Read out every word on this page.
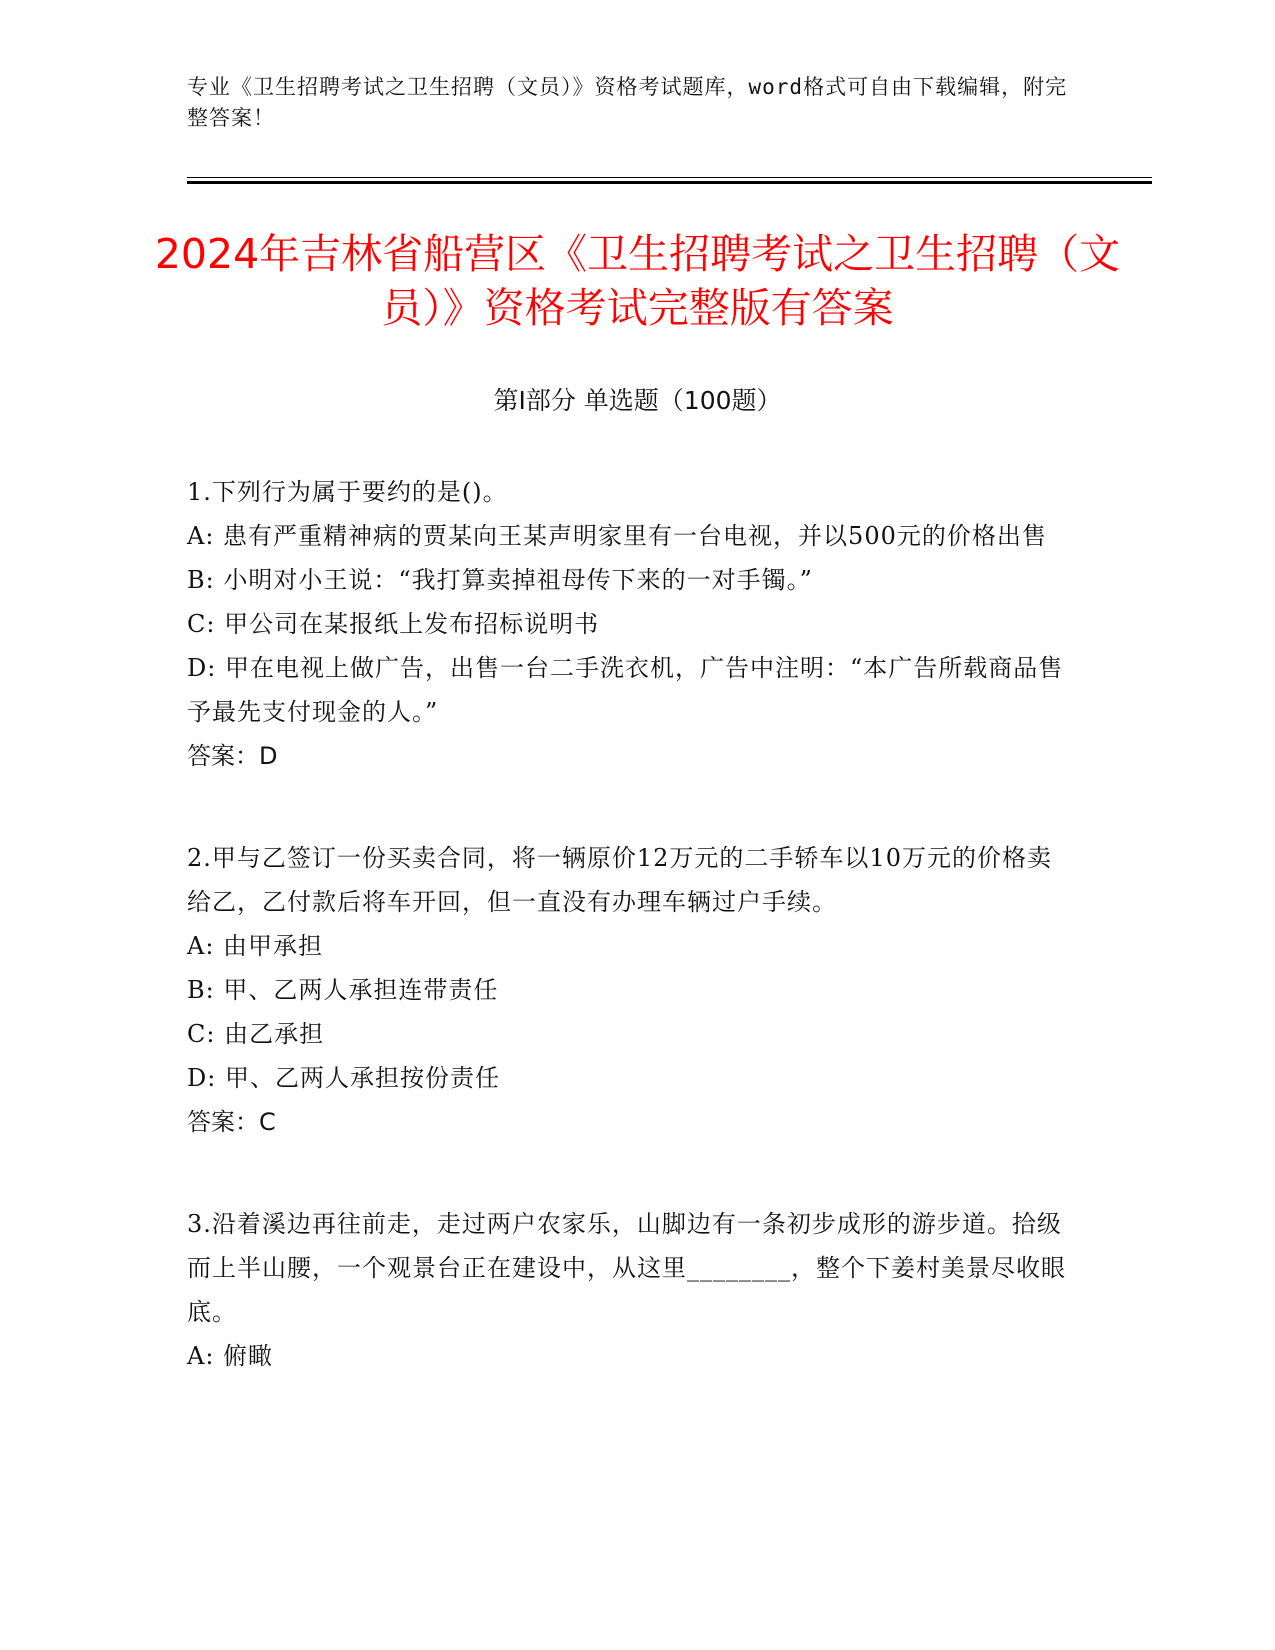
专业《卫生招聘考试之卫生招聘（文员）》资格考试题库，word格式可自由下载编辑，附完整答案！
2024年吉林省船营区《卫生招聘考试之卫生招聘（文员）》资格考试完整版有答案
第I部分 单选题（100题）

1.下列行为属于要约的是()。

A: 患有严重精神病的贾某向王某声明家里有一台电视，并以500元的价格出售

B: 小明对小王说：“我打算卖掉祖母传下来的一对手镯。”

C: 甲公司在某报纸上发布招标说明书

D: 甲在电视上做广告，出售一台二手洗衣机，广告中注明：“本广告所载商品售予最先支付现金的人。”

答案：D

2.甲与乙签订一份买卖合同，将一辆原价12万元的二手轿车以10万元的价格卖给乙，乙付款后将车开回，但一直没有办理车辆过户手续。

A: 由甲承担

B: 甲、乙两人承担连带责任

C: 由乙承担

D: 甲、乙两人承担按份责任

答案：C

3.沿着溪边再往前走，走过两户农家乐，山脚边有一条初步成形的游步道。拾级而上半山腰，一个观景台正在建设中，从这里________，整个下姜村美景尽收眼底。

A: 俯瞰
